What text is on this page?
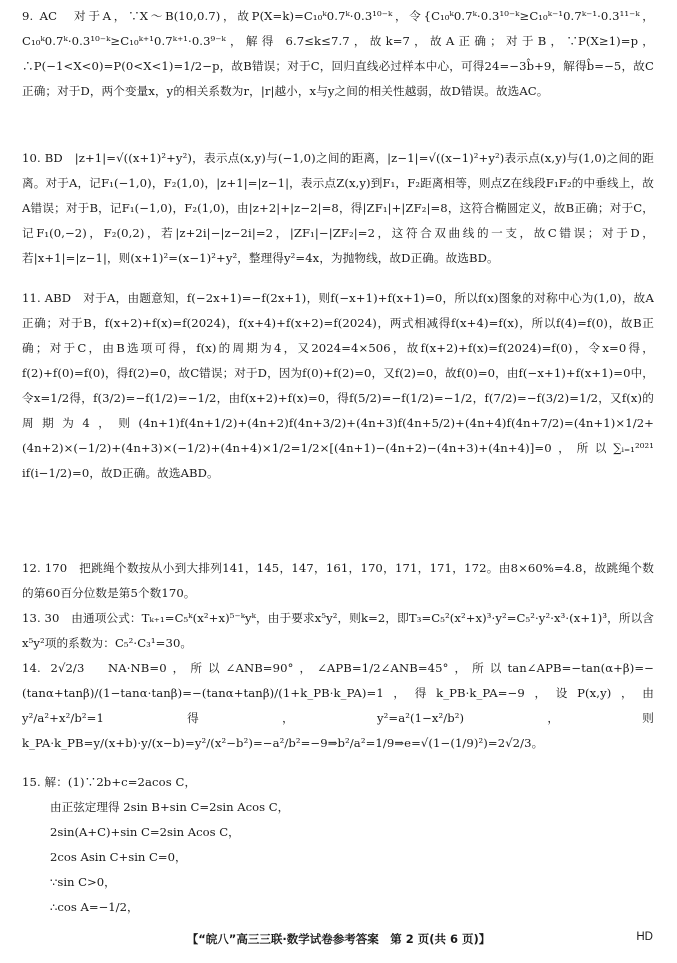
9. AC　对于A，∵X～B(10,0.7)，故P(X=k)=C₁₀ᵏ0.7ᵏ·0.3¹⁰⁻ᵏ，令{C₁₀ᵏ0.7ᵏ·0.3¹⁰⁻ᵏ≥C₁₀ᵏ⁻¹0.7ᵏ⁻¹·0.3¹¹⁻ᵏ，C₁₀ᵏ0.7ᵏ·0.3¹⁰⁻ᵏ≥C₁₀ᵏ⁺¹0.7ᵏ⁺¹·0.3⁹⁻ᵏ，解得 6.7≤k≤7.7，故k=7，故A正确；对于B，∵P(X≥1)=p，∴P(−1<X<0)=P(0<X<1)=1/2−p，故B错误；对于C，回归直线必过样本中心，可得24=−3b̂+9，解得b̂=−5，故C正确；对于D，两个变量x，y的相关系数为r，|r|越小，x与y之间的相关性越弱，故D错误。故选AC。

10. BD　|z+1|=√((x+1)²+y²)，表示点(x,y)与(−1,0)之间的距离，|z−1|=√((x−1)²+y²)表示点(x,y)与(1,0)之间的距离。对于A，记F₁(−1,0)，F₂(1,0)，|z+1|=|z−1|，表示点Z(x,y)到F₁，F₂距离相等，则点Z在线段F₁F₂的中垂线上，故A错误；对于B，记F₁(−1,0)，F₂(1,0)，由|z+2|+|z−2|=8，得|ZF₁|+|ZF₂|=8，这符合椭圆定义，故B正确；对于C，记F₁(0,−2)，F₂(0,2)，若|z+2i|−|z−2i|=2，|ZF₁|−|ZF₂|=2，这符合双曲线的一支，故C错误；对于D，若|x+1|=|z−1|，则(x+1)²=(x−1)²+y²，整理得y²=4x，为抛物线，故D正确。故选BD。

11. ABD　对于A，由题意知，f(−2x+1)=−f(2x+1)，则f(−x+1)+f(x+1)=0，所以f(x)图象的对称中心为(1,0)，故A正确；对于B，f(x+2)+f(x)=f(2024)，f(x+4)+f(x+2)=f(2024)，两式相减得f(x+4)=f(x)，所以f(4)=f(0)，故B正确；对于C，由B选项可得，f(x)的周期为4，又2024=4×506，故f(x+2)+f(x)=f(2024)=f(0)，令x=0得，f(2)+f(0)=f(0)，得f(2)=0，故C错误；对于D，因为f(0)+f(2)=0，又f(2)=0，故f(0)=0，由f(−x+1)+f(x+1)=0中，令x=1/2得，f(3/2)=−f(1/2)=−1/2，由f(x+2)+f(x)=0，得f(5/2)=−f(1/2)=−1/2，f(7/2)=−f(3/2)=1/2，又f(x)的周期为4，则(4n+1)f(4n+1/2)+(4n+2)f(4n+3/2)+(4n+3)f(4n+5/2)+(4n+4)f(4n+7/2)=(4n+1)×1/2+(4n+2)×(−1/2)+(4n+3)×(−1/2)+(4n+4)×1/2=1/2×[(4n+1)−(4n+2)−(4n+3)+(4n+4)]=0，所以∑ᵢ₌₁²⁰²¹ if(i−1/2)=0，故D正确。故选ABD。

12. 170　把跳绳个数按从小到大排列141，145，147，161，170，171，171，172。由8×60%=4.8，故跳绳个数的第60百分位数是第5个数170。

13. 30　由通项公式：Tₖ₊₁=C₅ᵏ(x²+x)⁵⁻ᵏyᵏ，由于要求x⁵y²，则k=2，即T₃=C₅²(x²+x)³·y²=C₅²·y²·x³·(x+1)³，所以含x⁵y²项的系数为：C₅²·C₃¹=30。

14. 2√2/3　NA·NB=0，所以∠ANB=90°，∠APB=1/2∠ANB=45°，所以tan∠APB=−tan(α+β)=−(tanα+tanβ)/(1−tanα·tanβ)=−(tanα+tanβ)/(1+k_PB·k_PA)=1，得k_PB·k_PA=−9，设P(x,y)，由y²/a²+x²/b²=1得，y²=a²(1−x²/b²)，则k_PA·k_PB=y/(x+b)·y/(x−b)=y²/(x²−b²)=−a²/b²=−9⇒b²/a²=1/9⇒e=√(1−(1/9)²)=2√2/3。

15. 解：(1)∵2b+c=2acos C，

由正弦定理得 2sin B+sin C=2sin Acos C，
2sin(A+C)+sin C=2sin Acos C，
2cos Asin C+sin C=0，
∵sin C>0，
∴cos A=−1/2，
【“皖八”高三三联·数学试卷参考答案　第 2 页(共 6 页)】	HD
